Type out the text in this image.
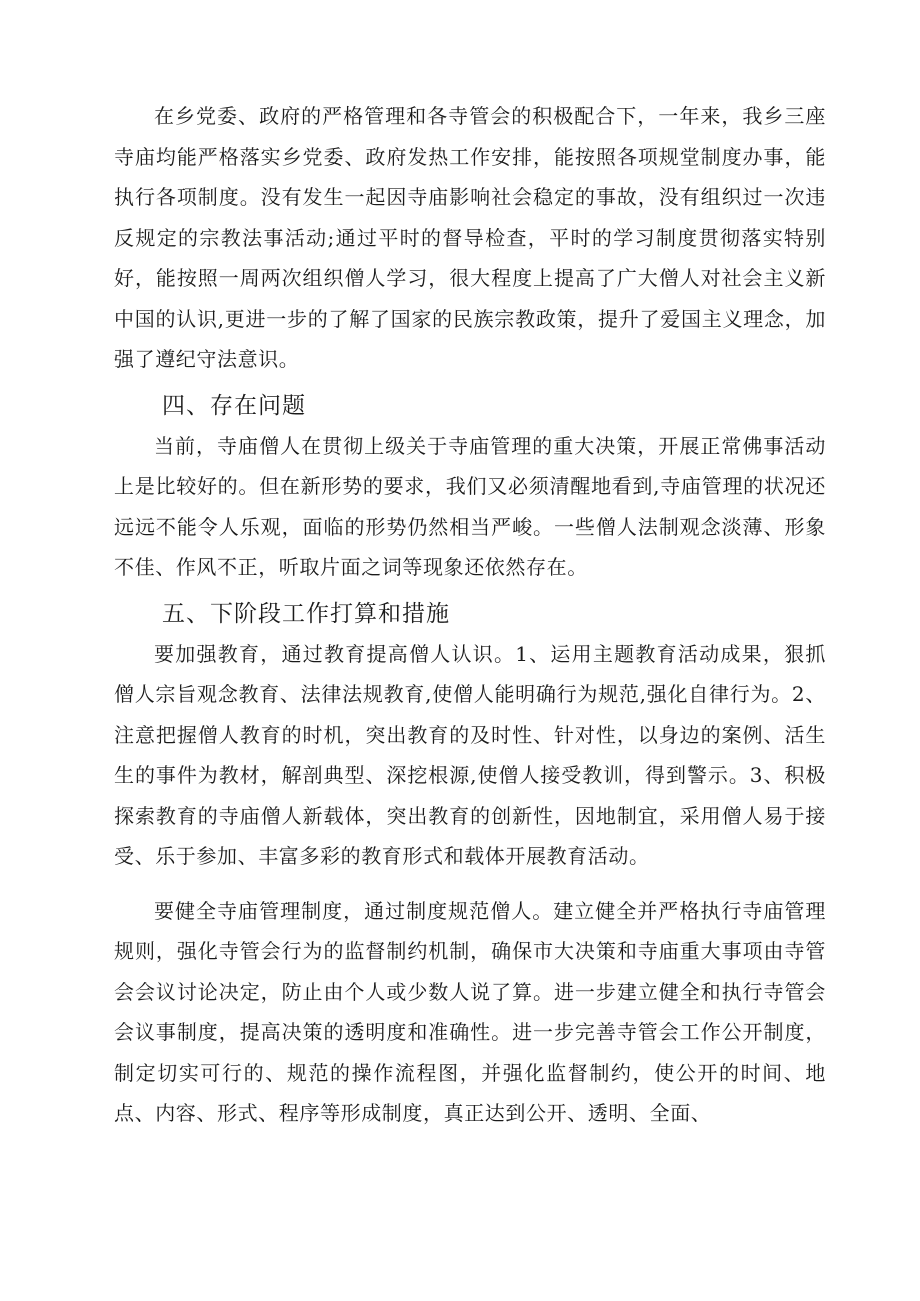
在乡党委、政府的严格管理和各寺管会的积极配合下，一年来，我乡三座寺庙均能严格落实乡党委、政府发热工作安排，能按照各项规堂制度办事，能执行各项制度。没有发生一起因寺庙影响社会稳定的事故，没有组织过一次违反规定的宗教法事活动;通过平时的督导检查，平时的学习制度贯彻落实特别好，能按照一周两次组织僧人学习，很大程度上提高了广大僧人对社会主义新中国的认识,更进一步的了解了国家的民族宗教政策，提升了爱国主义理念，加强了遵纪守法意识。

四、存在问题

当前，寺庙僧人在贯彻上级关于寺庙管理的重大决策，开展正常佛事活动上是比较好的。但在新形势的要求，我们又必须清醒地看到,寺庙管理的状况还远远不能令人乐观，面临的形势仍然相当严峻。一些僧人法制观念淡薄、形象不佳、作风不正，听取片面之词等现象还依然存在。

五、下阶段工作打算和措施

要加强教育，通过教育提高僧人认识。1、运用主题教育活动成果，狠抓僧人宗旨观念教育、法律法规教育,使僧人能明确行为规范,强化自律行为。2、注意把握僧人教育的时机，突出教育的及时性、针对性，以身边的案例、活生生的事件为教材，解剖典型、深挖根源,使僧人接受教训，得到警示。3、积极探索教育的寺庙僧人新载体，突出教育的创新性，因地制宜，采用僧人易于接受、乐于参加、丰富多彩的教育形式和载体开展教育活动。

要健全寺庙管理制度，通过制度规范僧人。建立健全并严格执行寺庙管理规则，强化寺管会行为的监督制约机制，确保市大决策和寺庙重大事项由寺管会会议讨论决定，防止由个人或少数人说了算。进一步建立健全和执行寺管会会议事制度，提高决策的透明度和准确性。进一步完善寺管会工作公开制度，制定切实可行的、规范的操作流程图，并强化监督制约，使公开的时间、地点、内容、形式、程序等形成制度，真正达到公开、透明、全面、
